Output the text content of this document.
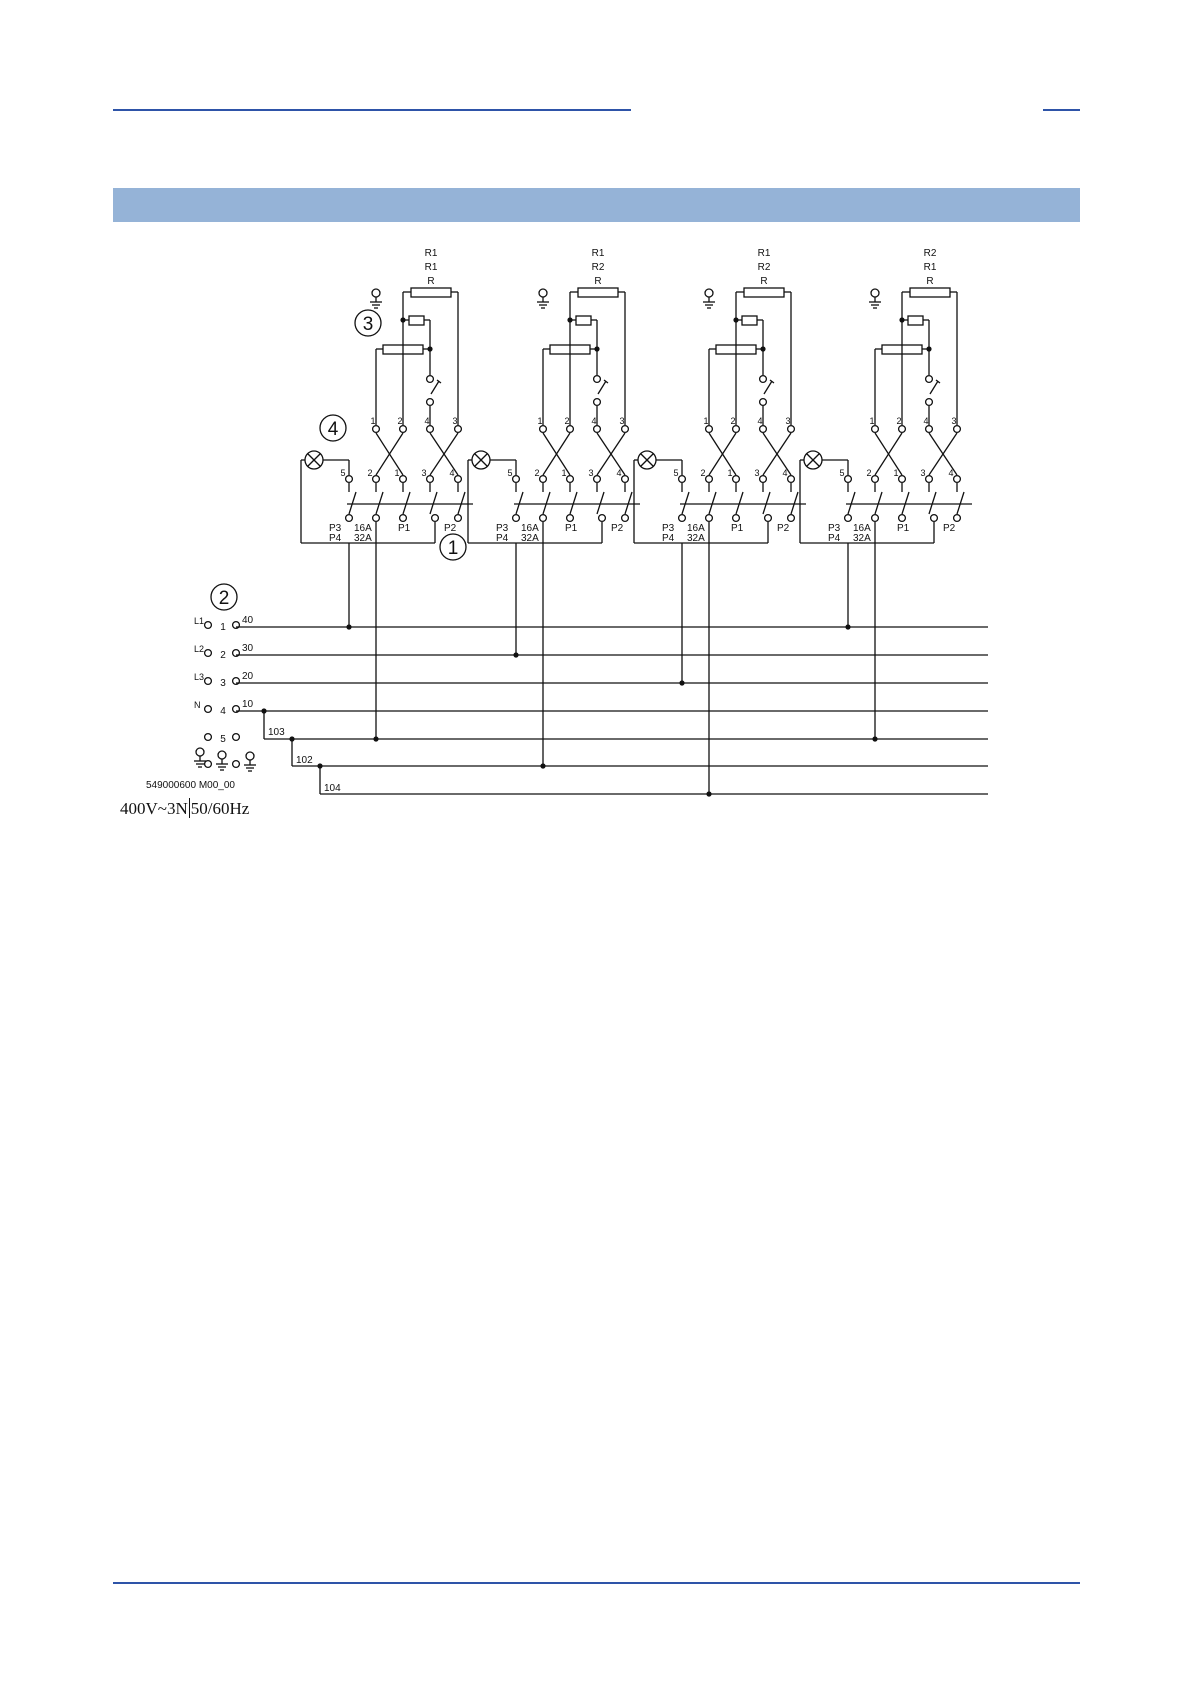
R1
R1
R
1 2 4	3
5 2 1 3	4
P3
P4
16A
32A
P1	P2
3
4
1
R1
R2
R
1 2 4	3
5 2 1 3	4
P3
P4
16A
32A
P1	P2
R1
R2
R
1 2 4	3
5 2 1 3	4
P3
P4
16A
32A
P1	P2
R2
R1
R
1 2 4	3
5 2 1 3	4
P3
P4
16A
32A
P1	P2
103
102
104
L1
1
40
L2
2
30
L3
3
20
N
4
10
5
2
549000600 M00_00
400V~3N 50/60Hz
